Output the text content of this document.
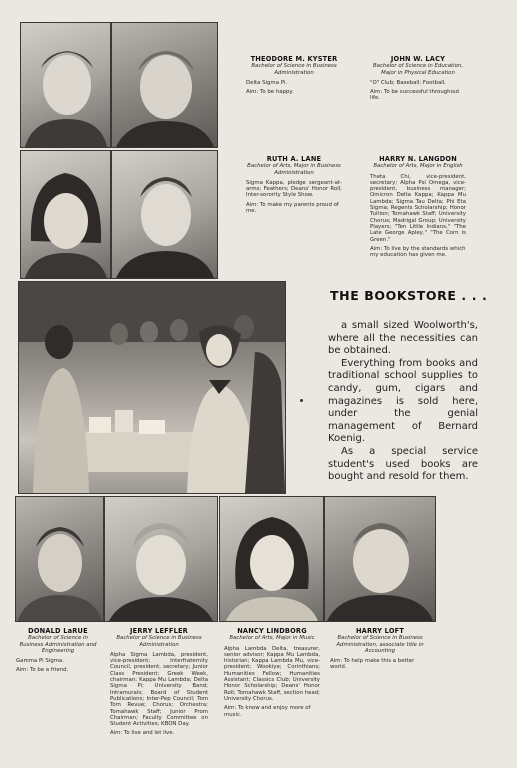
THEODORE M. KYSTER
Bachelor of Science in Business Administration
Delta Sigma Pi.
Aim: To be happy.
JOHN W. LACY
Bachelor of Science in Education, Major in Physical Education
"O" Club; Baseball; Football.
Aim: To be successful throughout life.
RUTH A. LANE
Bachelor of Arts, Major in Business Administration
Sigma Kappa, pledge sergeant-at-arms; Feathers; Deans' Honor Roll; Inter-sorority Style Show.
Aim: To make my parents proud of me.
HARRY N. LANGDON
Bachelor of Arts, Major in English
Theta Chi, vice-president, secretary; Alpha Psi Omega, vice-president, business manager; Omicron Delta Kappa; Kappa Mu Lambda; Sigma Tau Delta; Phi Eta Sigma; Regents Scholarship; Honor Tuition; Tomahawk Staff; University Chorus; Madrigal Group; University Players; "Ten Little Indians," "The Late George Apley," "The Corn is Green."
Aim: To live by the standards which my education has given me.
THE BOOKSTORE . . .

a small sized Woolworth's, where all the necessities can be obtained.

Everything from books and traditional school supplies to candy, gum, cigars and magazines is sold here, under the genial management of Bernard Koenig.

As a special service student's used books are bought and resold for them.

DONALD LaRUE
Bachelor of Science in Business Administration and Engineering
Gamma Pi Sigma.
Aim: To be a friend.
JERRY LEFFLER
Bachelor of Science in Business Administration
Alpha Sigma Lambda, president, vice-president; Interfraternity Council, president, secretary; Junior Class President; Greek Week, chairman; Kappa Mu Lambda; Delta Sigma Pi; University Band; Intramurals; Board of Student Publications; Inter-Pep Council; Tom Tom Revue; Chorus; Orchestra; Tomahawk Staff; Junior Prom Chairman; Faculty Committee on Student Activities; KBON Day.
Aim: To live and let live.
NANCY LINDBORG
Bachelor of Arts, Major in Music
Alpha Lambda Delta, treasurer, senior advisor; Kappa Mu Lambda, historian; Kappa Lambda Mu, vice-president; Wookiye; Corinthians; Humanities Fellow; Humanities Assistant; Classics Club; University Honor Scholarship; Deans' Honor Roll; Tomahawk Staff, section head; University Chorus.
Aim: To know and enjoy more of music.
HARRY LOFT
Bachelor of Science in Business Administration, associate title in Accounting
Aim: To help make this a better world.
